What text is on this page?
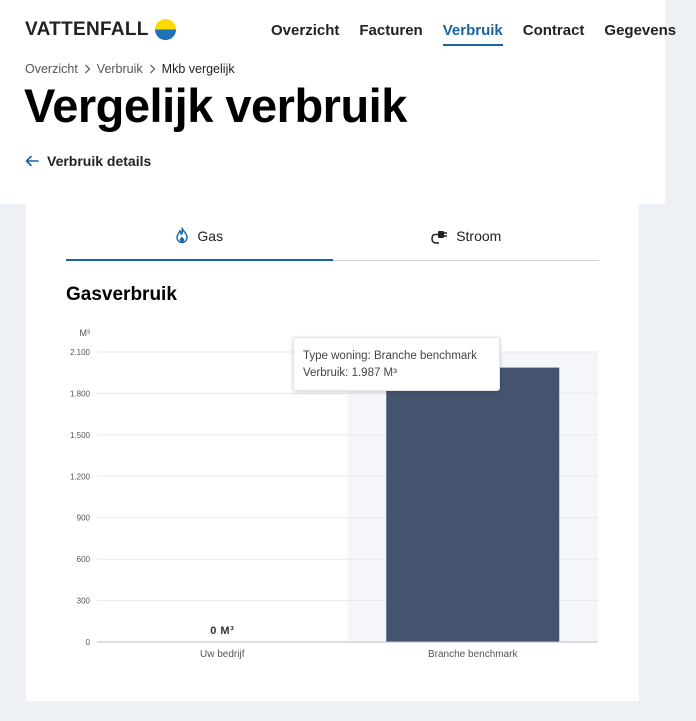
VATTENFALL	Overzicht Facturen Verbruik Contract Gegevens
Overzicht Verbruik Mkb vergelijk
Vergelijk verbruik
Verbruik details
Gas	Stroom
Gasverbruik
0
300
600
900
1.200
1.500
1.800
2.100
M³
0 M³
Uw bedrijf	Branche benchmark
Type woning: Branche benchmark
Verbruik: 1.987 M³
